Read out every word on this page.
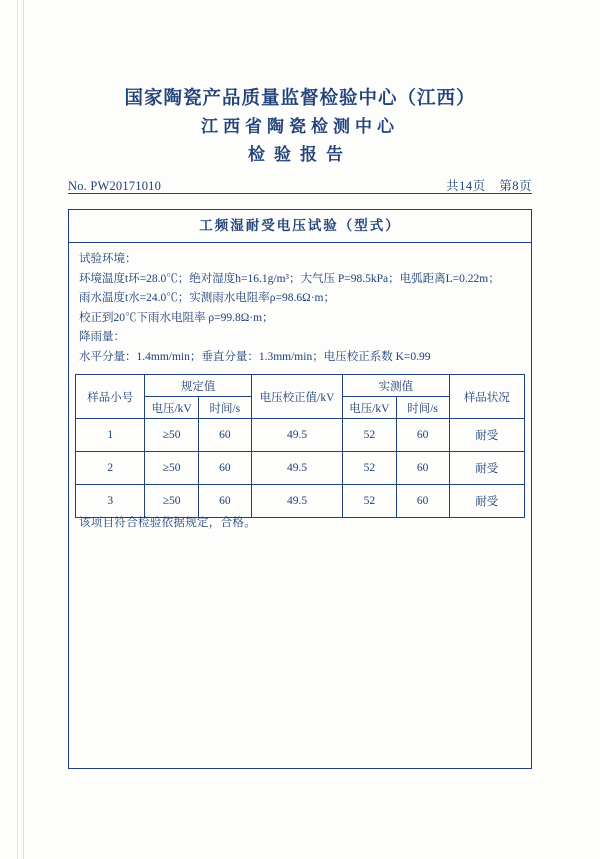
国家陶瓷产品质量监督检验中心（江西）
江西省陶瓷检测中心
检验报告
No. PW20171010	共14页 第8页
工频湿耐受电压试验（型式）
试验环境：
环境温度t环=28.0℃；绝对湿度h=16.1g/m³；大气压 P=98.5kPa；电弧距离L=0.22m；
雨水温度t水=24.0℃；实测雨水电阻率ρ=98.6Ω·m；
校正到20℃下雨水电阻率 ρ=99.8Ω·m；
降雨量：
水平分量：1.4mm/min；垂直分量：1.3mm/min；电压校正系数 K=0.99
样品小号	规定值		电压校正值/kV	实测值		样品状况
	电压/kV	时间/s		电压/kV	时间/s	
1	≥50	60	49.5	52	60	耐受
2	≥50	60	49.5	52	60	耐受
3	≥50	60	49.5	52	60	耐受
该项目符合检验依据规定，合格。
